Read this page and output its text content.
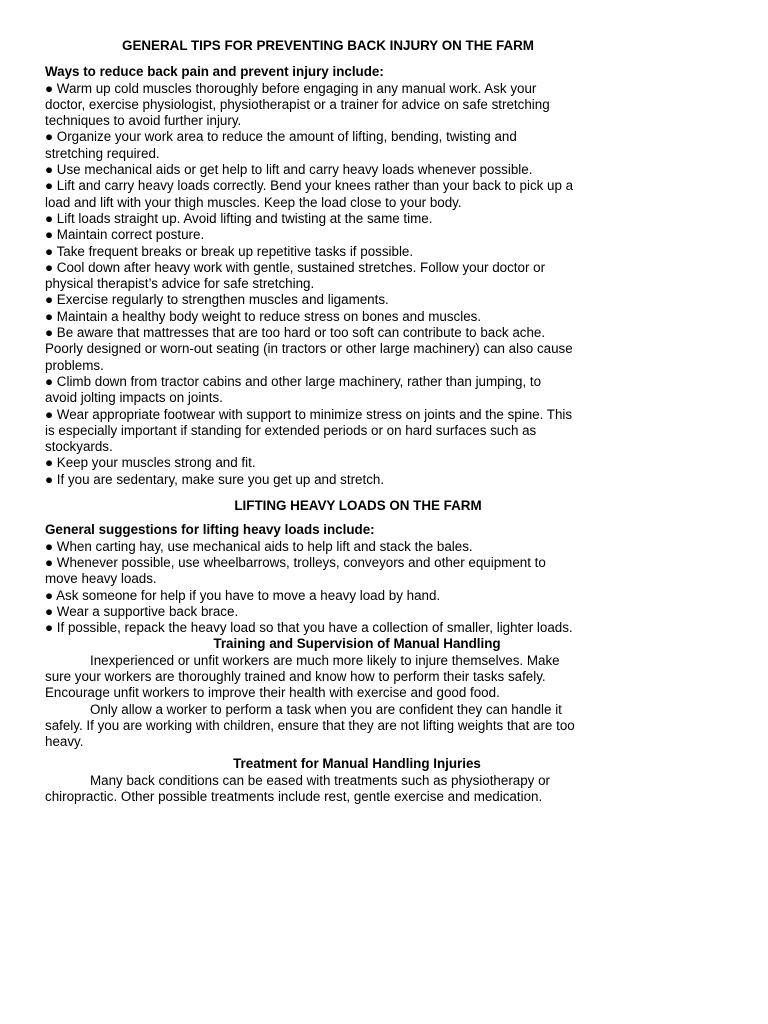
GENERAL TIPS FOR PREVENTING BACK INJURY ON THE FARM

Ways to reduce back pain and prevent injury include:

● Warm up cold muscles thoroughly before engaging in any manual work. Ask your doctor, exercise physiologist, physiotherapist or a trainer for advice on safe stretching techniques to avoid further injury.

● Organize your work area to reduce the amount of lifting, bending, twisting and stretching required.

● Use mechanical aids or get help to lift and carry heavy loads whenever possible.

● Lift and carry heavy loads correctly. Bend your knees rather than your back to pick up a load and lift with your thigh muscles. Keep the load close to your body.

● Lift loads straight up. Avoid lifting and twisting at the same time.

● Maintain correct posture.

● Take frequent breaks or break up repetitive tasks if possible.

● Cool down after heavy work with gentle, sustained stretches. Follow your doctor or physical therapist’s advice for safe stretching.

● Exercise regularly to strengthen muscles and ligaments.

● Maintain a healthy body weight to reduce stress on bones and muscles.

● Be aware that mattresses that are too hard or too soft can contribute to back ache. Poorly designed or worn-out seating (in tractors or other large machinery) can also cause problems.

● Climb down from tractor cabins and other large machinery, rather than jumping, to avoid jolting impacts on joints.

● Wear appropriate footwear with support to minimize stress on joints and the spine. This is especially important if standing for extended periods or on hard surfaces such as stockyards.

● Keep your muscles strong and fit.

● If you are sedentary, make sure you get up and stretch.

LIFTING HEAVY LOADS ON THE FARM

General suggestions for lifting heavy loads include:

● When carting hay, use mechanical aids to help lift and stack the bales.

● Whenever possible, use wheelbarrows, trolleys, conveyors and other equipment to move heavy loads.

● Ask someone for help if you have to move a heavy load by hand.

● Wear a supportive back brace.

● If possible, repack the heavy load so that you have a collection of smaller, lighter loads.

Training and Supervision of Manual Handling

Inexperienced or unfit workers are much more likely to injure themselves. Make sure your workers are thoroughly trained and know how to perform their tasks safely. Encourage unfit workers to improve their health with exercise and good food.

Only allow a worker to perform a task when you are confident they can handle it safely. If you are working with children, ensure that they are not lifting weights that are too heavy.

Treatment for Manual Handling Injuries

Many back conditions can be eased with treatments such as physiotherapy or chiropractic. Other possible treatments include rest, gentle exercise and medication.
